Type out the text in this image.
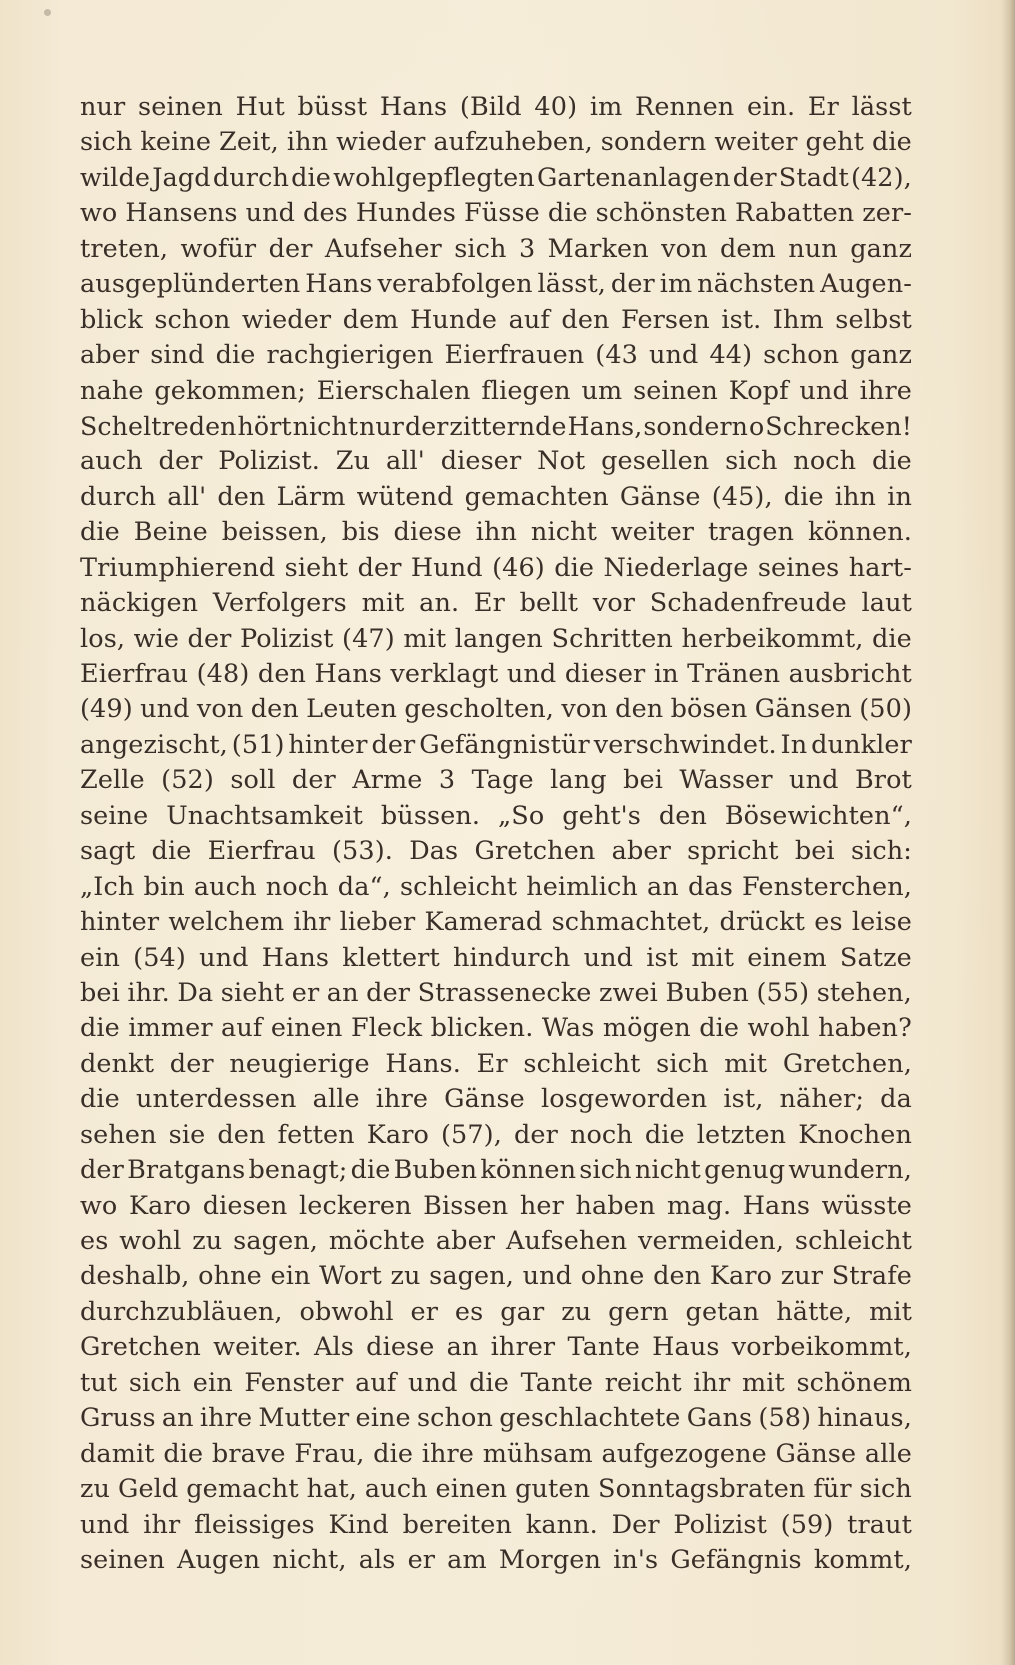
nur seinen Hut büsst Hans (Bild 40) im Rennen ein. Er lässt
sich keine Zeit, ihn wieder aufzuheben, sondern weiter geht die
wilde Jagd durch die wohlgepflegten Gartenanlagen der Stadt (42),
wo Hansens und des Hundes Füsse die schönsten Rabatten zer-
treten, wofür der Aufseher sich 3 Marken von dem nun ganz
ausgeplünderten Hans verabfolgen lässt, der im nächsten Augen-
blick schon wieder dem Hunde auf den Fersen ist. Ihm selbst
aber sind die rachgierigen Eierfrauen (43 und 44) schon ganz
nahe gekommen; Eierschalen fliegen um seinen Kopf und ihre
Scheltreden hört nicht nur der zitternde Hans, sondern o Schrecken!
auch der Polizist. Zu all' dieser Not gesellen sich noch die
durch all' den Lärm wütend gemachten Gänse (45), die ihn in
die Beine beissen, bis diese ihn nicht weiter tragen können.
Triumphierend sieht der Hund (46) die Niederlage seines hart-
näckigen Verfolgers mit an. Er bellt vor Schadenfreude laut
los, wie der Polizist (47) mit langen Schritten herbeikommt, die
Eierfrau (48) den Hans verklagt und dieser in Tränen ausbricht
(49) und von den Leuten gescholten, von den bösen Gänsen (50)
angezischt, (51) hinter der Gefängnistür verschwindet. In dunkler
Zelle (52) soll der Arme 3 Tage lang bei Wasser und Brot
seine Unachtsamkeit büssen. „So geht's den Bösewichten“,
sagt die Eierfrau (53). Das Gretchen aber spricht bei sich:
„Ich bin auch noch da“, schleicht heimlich an das Fensterchen,
hinter welchem ihr lieber Kamerad schmachtet, drückt es leise
ein (54) und Hans klettert hindurch und ist mit einem Satze
bei ihr. Da sieht er an der Strassenecke zwei Buben (55) stehen,
die immer auf einen Fleck blicken. Was mögen die wohl haben?
denkt der neugierige Hans. Er schleicht sich mit Gretchen,
die unterdessen alle ihre Gänse losgeworden ist, näher; da
sehen sie den fetten Karo (57), der noch die letzten Knochen
der Bratgans benagt; die Buben können sich nicht genug wundern,
wo Karo diesen leckeren Bissen her haben mag. Hans wüsste
es wohl zu sagen, möchte aber Aufsehen vermeiden, schleicht
deshalb, ohne ein Wort zu sagen, und ohne den Karo zur Strafe
durchzubläuen, obwohl er es gar zu gern getan hätte, mit
Gretchen weiter. Als diese an ihrer Tante Haus vorbeikommt,
tut sich ein Fenster auf und die Tante reicht ihr mit schönem
Gruss an ihre Mutter eine schon geschlachtete Gans (58) hinaus,
damit die brave Frau, die ihre mühsam aufgezogene Gänse alle
zu Geld gemacht hat, auch einen guten Sonntagsbraten für sich
und ihr fleissiges Kind bereiten kann. Der Polizist (59) traut
seinen Augen nicht, als er am Morgen in's Gefängnis kommt,
